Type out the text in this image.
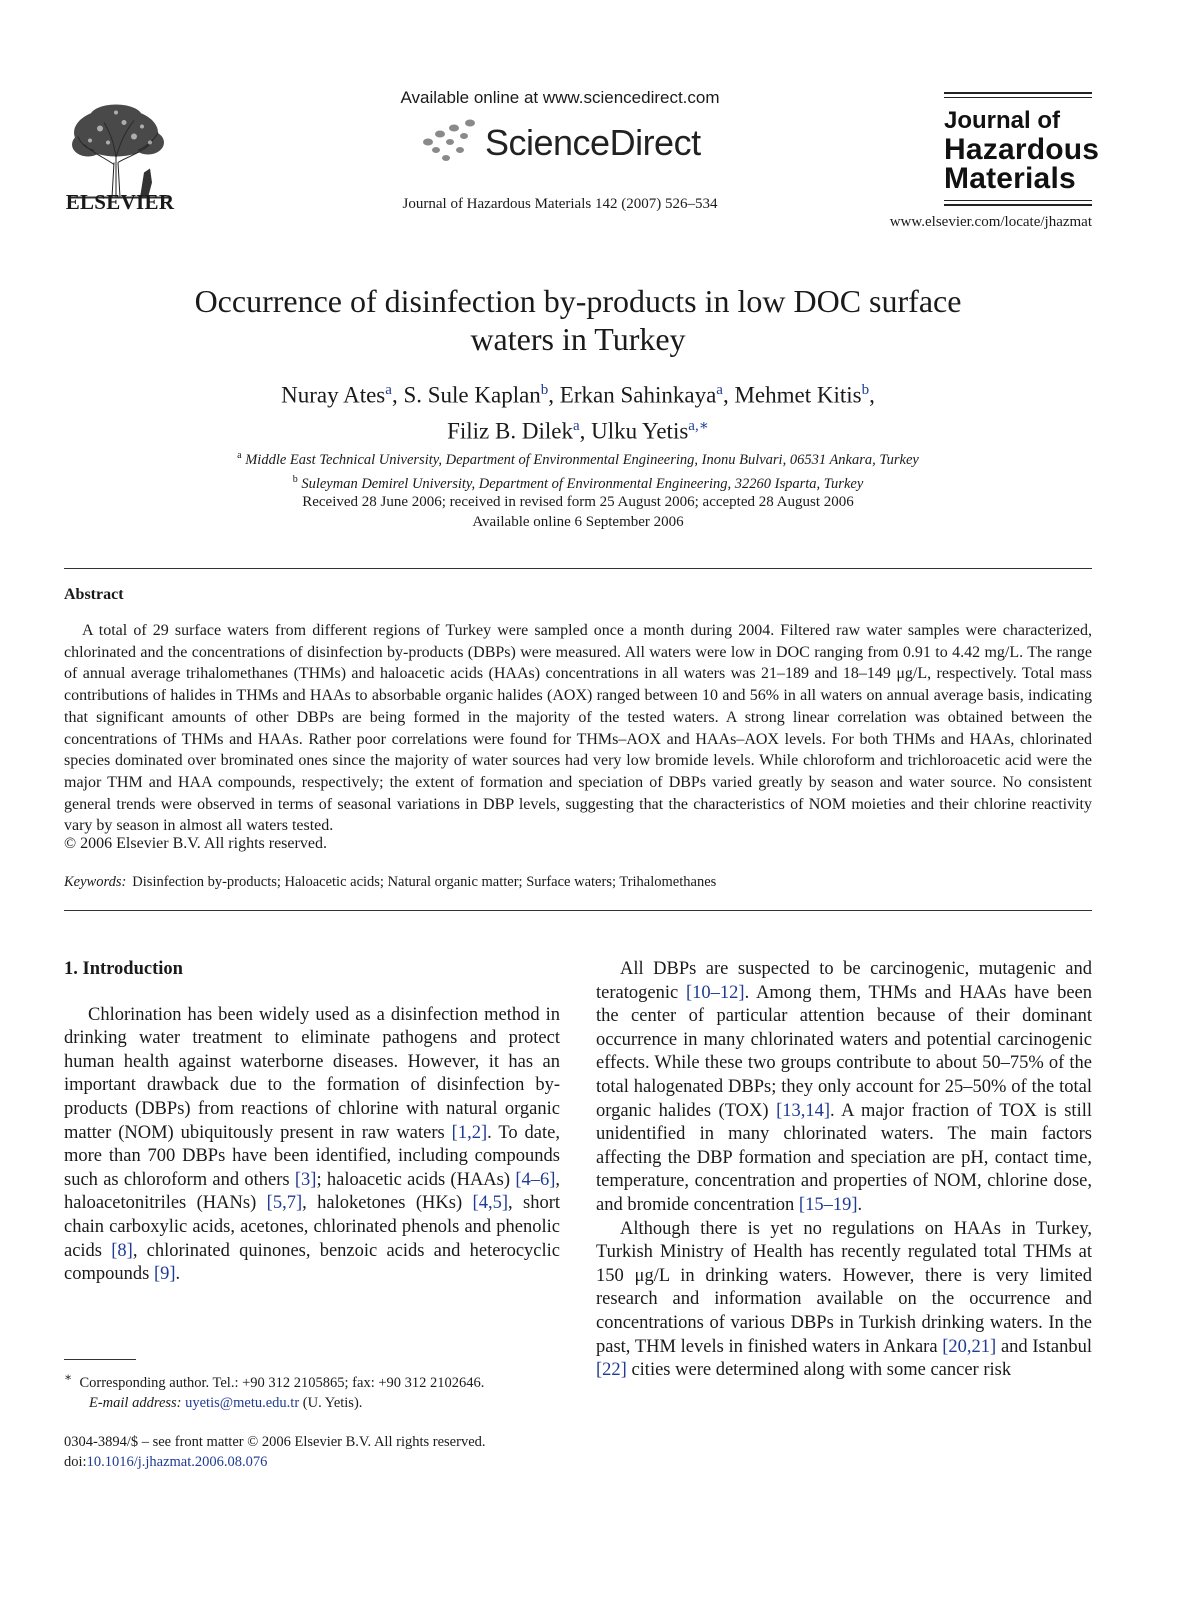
ELSEVIER
Available online at www.sciencedirect.com
ScienceDirect
Journal of Hazardous Materials 142 (2007) 526–534
Journal of
Hazardous
Materials
www.elsevier.com/locate/jhazmat
Occurrence of disinfection by-products in low DOC surface
waters in Turkey
Nuray Ates$^a$, S. Sule Kaplan$^b$, Erkan Sahinkaya$^a$, Mehmet Kitis$^b$,
Filiz B. Dilek$^a$, Ulku Yetis$^{a,∗}$
$^a$ Middle East Technical University, Department of Environmental Engineering, Inonu Bulvari, 06531 Ankara, Turkey
$^b$ Suleyman Demirel University, Department of Environmental Engineering, 32260 Isparta, Turkey
Received 28 June 2006; received in revised form 25 August 2006; accepted 28 August 2006
Available online 6 September 2006
Abstract
A total of 29 surface waters from different regions of Turkey were sampled once a month during 2004. Filtered raw water samples were characterized, chlorinated and the concentrations of disinfection by-products (DBPs) were measured. All waters were low in DOC ranging from 0.91 to 4.42 mg/L. The range of annual average trihalomethanes (THMs) and haloacetic acids (HAAs) concentrations in all waters was 21–189 and 18–149 μg/L, respectively. Total mass contributions of halides in THMs and HAAs to absorbable organic halides (AOX) ranged between 10 and 56% in all waters on annual average basis, indicating that significant amounts of other DBPs are being formed in the majority of the tested waters. A strong linear correlation was obtained between the concentrations of THMs and HAAs. Rather poor correlations were found for THMs–AOX and HAAs–AOX levels. For both THMs and HAAs, chlorinated species dominated over brominated ones since the majority of water sources had very low bromide levels. While chloroform and trichloroacetic acid were the major THM and HAA compounds, respectively; the extent of formation and speciation of DBPs varied greatly by season and water source. No consistent general trends were observed in terms of seasonal variations in DBP levels, suggesting that the characteristics of NOM moieties and their chlorine reactivity vary by season in almost all waters tested.
© 2006 Elsevier B.V. All rights reserved.
Keywords: Disinfection by-products; Haloacetic acids; Natural organic matter; Surface waters; Trihalomethanes
1. Introduction

Chlorination has been widely used as a disinfection method in drinking water treatment to eliminate pathogens and protect human health against waterborne diseases. However, it has an important drawback due to the formation of disinfection by-products (DBPs) from reactions of chlorine with natural organic matter (NOM) ubiquitously present in raw waters [1,2]. To date, more than 700 DBPs have been identified, including compounds such as chloroform and others [3]; haloacetic acids (HAAs) [4–6], haloacetonitriles (HANs) [5,7], haloketones (HKs) [4,5], short chain carboxylic acids, acetones, chlorinated phenols and phenolic acids [8], chlorinated quinones, benzoic acids and heterocyclic compounds [9].

All DBPs are suspected to be carcinogenic, mutagenic and teratogenic [10–12]. Among them, THMs and HAAs have been the center of particular attention because of their dominant occurrence in many chlorinated waters and potential carcinogenic effects. While these two groups contribute to about 50–75% of the total halogenated DBPs; they only account for 25–50% of the total organic halides (TOX) [13,14]. A major fraction of TOX is still unidentified in many chlorinated waters. The main factors affecting the DBP formation and speciation are pH, contact time, temperature, concentration and properties of NOM, chlorine dose, and bromide concentration [15–19].

Although there is yet no regulations on HAAs in Turkey, Turkish Ministry of Health has recently regulated total THMs at 150 μg/L in drinking waters. However, there is very limited research and information available on the occurrence and concentrations of various DBPs in Turkish drinking waters. In the past, THM levels in finished waters in Ankara [20,21] and Istanbul [22] cities were determined along with some cancer risk

∗ Corresponding author. Tel.: +90 312 2105865; fax: +90 312 2102646.
E-mail address: uyetis@metu.edu.tr (U. Yetis).
0304-3894/$ – see front matter © 2006 Elsevier B.V. All rights reserved.
doi:10.1016/j.jhazmat.2006.08.076
